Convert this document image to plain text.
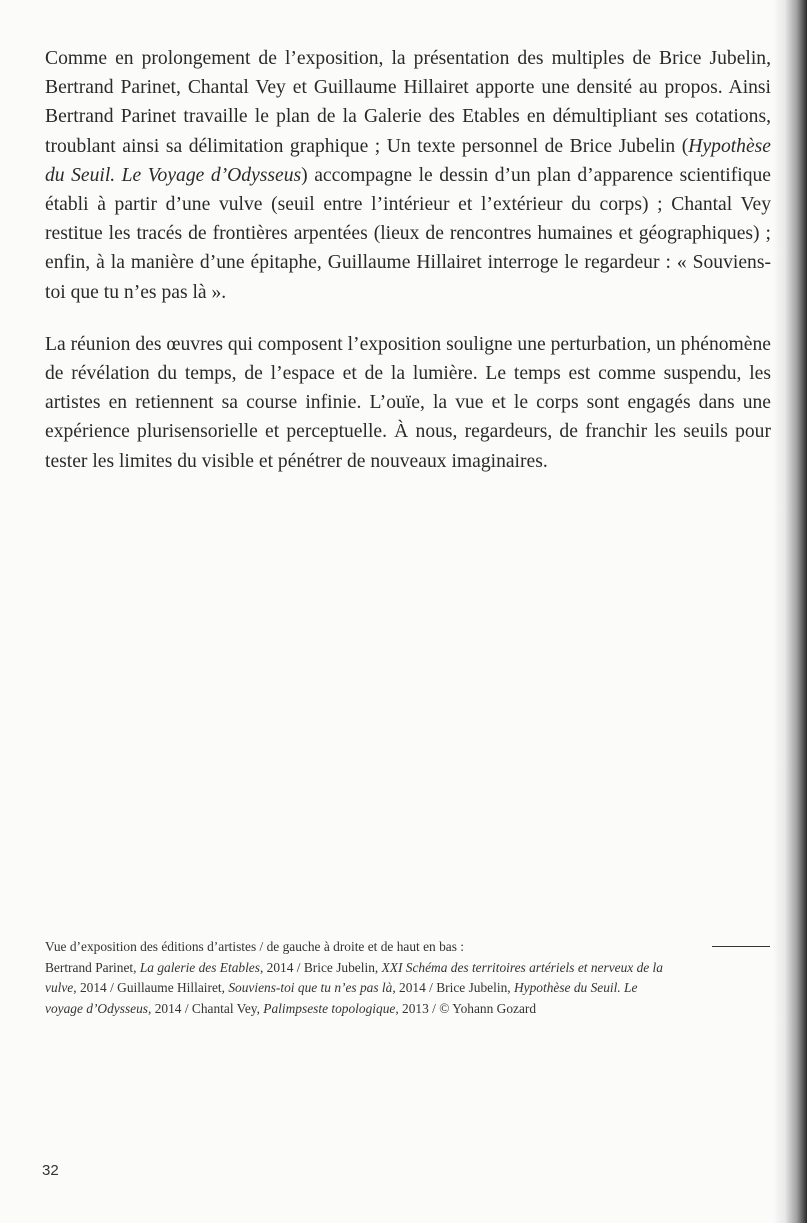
Comme en prolongement de l’exposition, la présentation des multiples de Brice Jubelin, Bertrand Parinet, Chantal Vey et Guillaume Hillairet apporte une densité au propos. Ainsi Bertrand Parinet travaille le plan de la Galerie des Etables en démultipliant ses cotations, troublant ainsi sa délimitation graphique ; Un texte personnel de Brice Jubelin (Hypothèse du Seuil. Le Voyage d’Odysseus) accompagne le dessin d’un plan d’apparence scientifique établi à partir d’une vulve (seuil entre l’intérieur et l’extérieur du corps) ; Chantal Vey restitue les tracés de frontières arpentées (lieux de rencontres humaines et géographiques) ; enfin, à la manière d’une épitaphe, Guillaume Hillairet interroge le regardeur : « Souviens-toi que tu n’es pas là ».

La réunion des œuvres qui composent l’exposition souligne une perturbation, un phénomène de révélation du temps, de l’espace et de la lumière. Le temps est comme suspendu, les artistes en retiennent sa course infinie. L’ouïe, la vue et le corps sont engagés dans une expérience plurisensorielle et perceptuelle. À nous, regardeurs, de franchir les seuils pour tester les limites du visible et pénétrer de nouveaux imaginaires.

Vue d’exposition des éditions d’artistes / de gauche à droite et de haut en bas :

Bertrand Parinet, La galerie des Etables, 2014 / Brice Jubelin, XXI Schéma des territoires artériels et nerveux de la vulve, 2014 / Guillaume Hillairet, Souviens-toi que tu n’es pas là, 2014 / Brice Jubelin, Hypothèse du Seuil. Le voyage d’Odysseus, 2014 / Chantal Vey, Palimpseste topologique, 2013 / © Yohann Gozard

32
